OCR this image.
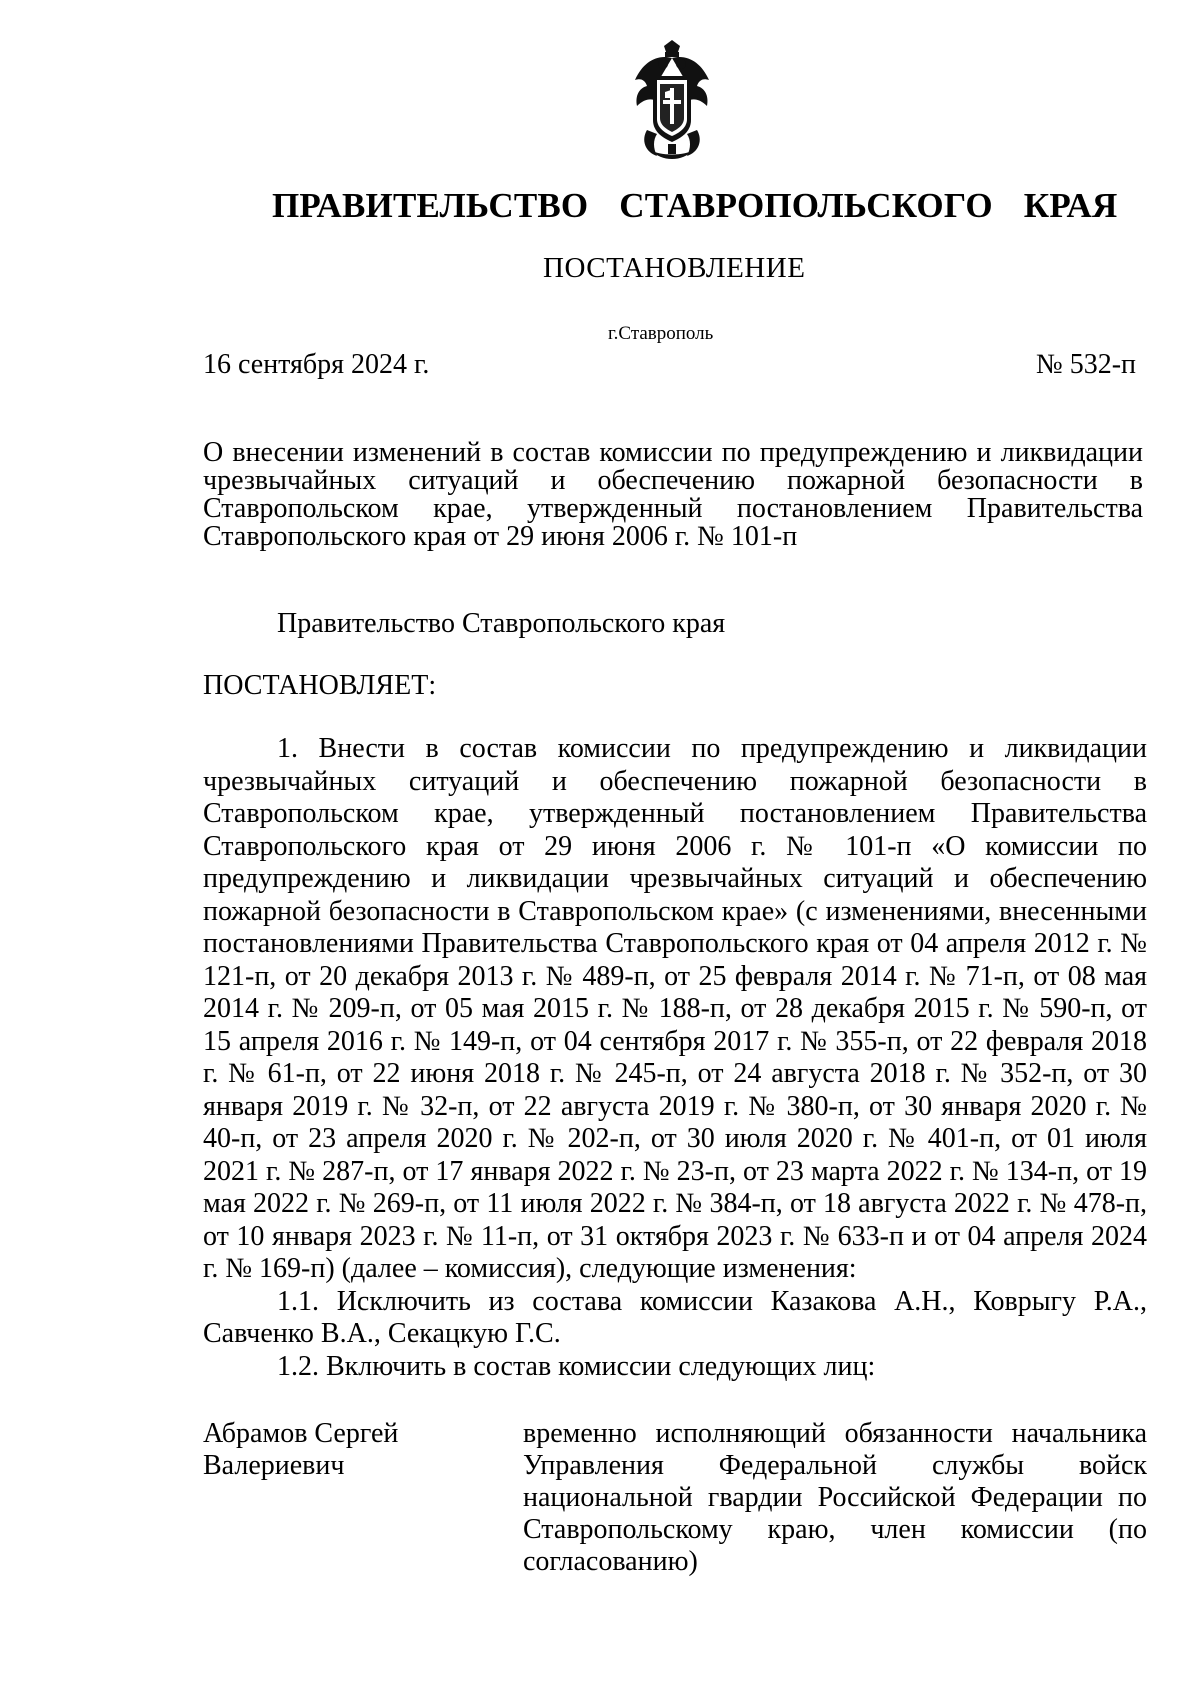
ПРАВИТЕЛЬСТВО СТАВРОПОЛЬСКОГО КРАЯ
ПОСТАНОВЛЕНИЕ
г.Ставрополь
16 сентября 2024 г.	№ 532-п
О внесении изменений в состав комиссии по предупреждению и ликвидации чрезвычайных ситуаций и обеспечению пожарной безопасности в Ставропольском крае, утвержденный постановлением Правительства Ставропольского края от 29 июня 2006 г. № 101-п
Правительство Ставропольского края
ПОСТАНОВЛЯЕТ:

1. Внести в состав комиссии по предупреждению и ликвидации чрезвычайных ситуаций и обеспечению пожарной безопасности в Ставропольском крае, утвержденный постановлением Правительства Ставропольского края от 29 июня 2006 г. № 101-п «О комиссии по предупреждению и ликвидации чрезвычайных ситуаций и обеспечению пожарной безопасности в Ставропольском крае» (с изменениями, внесенными постановлениями Правительства Ставропольского края от 04 апреля 2012 г. № 121-п, от 20 декабря 2013 г. № 489-п, от 25 февраля 2014 г. № 71-п, от 08 мая 2014 г. № 209-п, от 05 мая 2015 г. № 188-п, от 28 декабря 2015 г. № 590-п, от 15 апреля 2016 г. № 149-п, от 04 сентября 2017 г. № 355-п, от 22 февраля 2018 г. № 61-п, от 22 июня 2018 г. № 245-п, от 24 августа 2018 г. № 352-п, от 30 января 2019 г. № 32-п, от 22 августа 2019 г. № 380-п, от 30 января 2020 г. № 40-п, от 23 апреля 2020 г. № 202-п, от 30 июля 2020 г. № 401-п, от 01 июля 2021 г. № 287-п, от 17 января 2022 г. № 23-п, от 23 марта 2022 г. № 134-п, от 19 мая 2022 г. № 269-п, от 11 июля 2022 г. № 384-п, от 18 августа 2022 г. № 478-п, от 10 января 2023 г. № 11-п, от 31 октября 2023 г. № 633-п и от 04 апреля 2024 г. № 169-п) (далее – комиссия), следующие изменения:

1.1. Исключить из состава комиссии Казакова А.Н., Коврыгу Р.А., Савченко В.А., Секацкую Г.С.

1.2. Включить в состав комиссии следующих лиц:

Абрамов Сергей Валериевич
временно исполняющий обязанности начальника Управления Федеральной службы войск национальной гвардии Российской Федерации по Ставропольскому краю, член комиссии (по согласованию)
